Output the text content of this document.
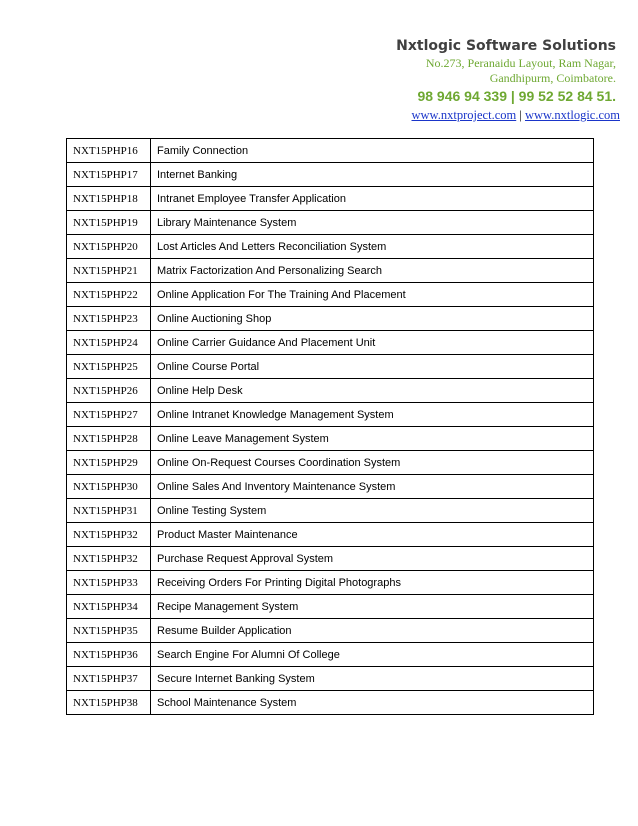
Nxtlogic Software Solutions
No.273, Peranaidu Layout, Ram Nagar,
Gandhipurm, Coimbatore.
98 946 94 339 | 99 52 52 84 51.
www.nxtproject.com | www.nxtlogic.com
NXT15PHP16	Family Connection
NXT15PHP17	Internet Banking
NXT15PHP18	Intranet Employee Transfer Application
NXT15PHP19	Library Maintenance System
NXT15PHP20	Lost Articles And Letters Reconciliation System
NXT15PHP21	Matrix Factorization And Personalizing Search
NXT15PHP22	Online Application For The Training And Placement
NXT15PHP23	Online Auctioning Shop
NXT15PHP24	Online Carrier Guidance And Placement Unit
NXT15PHP25	Online Course Portal
NXT15PHP26	Online Help Desk
NXT15PHP27	Online Intranet Knowledge Management System
NXT15PHP28	Online Leave Management System
NXT15PHP29	Online On-Request Courses Coordination System
NXT15PHP30	Online Sales And Inventory Maintenance System
NXT15PHP31	Online Testing System
NXT15PHP32	Product Master Maintenance
NXT15PHP32	Purchase Request Approval System
NXT15PHP33	Receiving Orders For Printing Digital Photographs
NXT15PHP34	Recipe Management System
NXT15PHP35	Resume Builder Application
NXT15PHP36	Search Engine For Alumni Of College
NXT15PHP37	Secure Internet Banking System
NXT15PHP38	School Maintenance System
